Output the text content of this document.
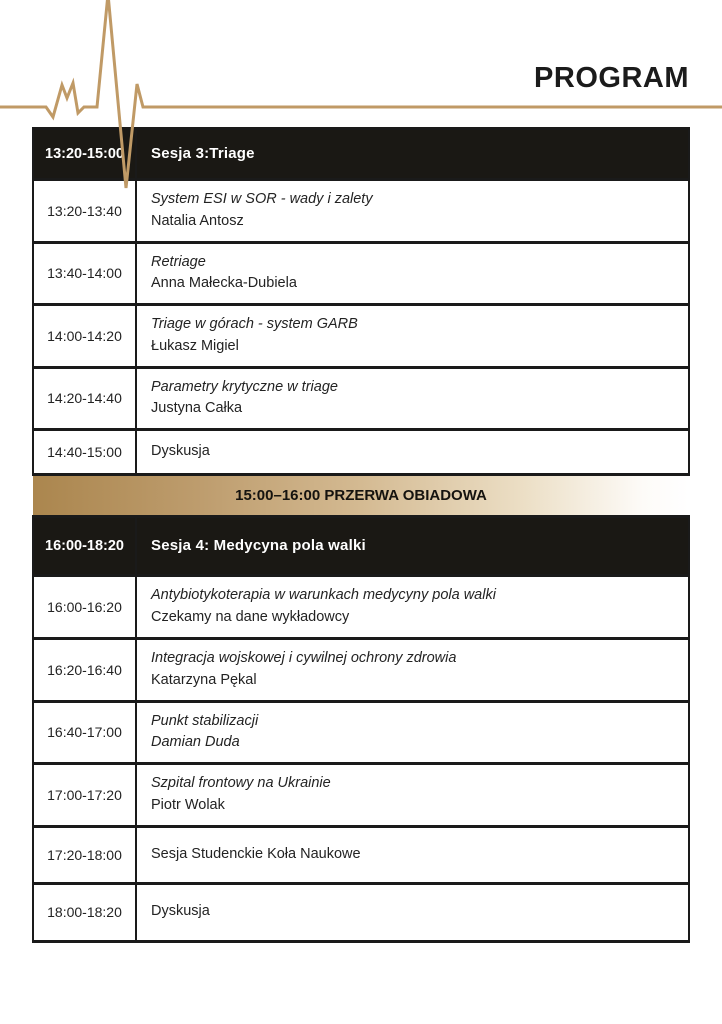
PROGRAM
13:20-15:00	Sesja 3:Triage
13:20-13:40	System ESI w SOR - wady i zalety
Natalia Antosz

13:40-14:00	Retriage
Anna Małecka-Dubiela

14:00-14:20	Triage w górach - system GARB
Łukasz Migiel

14:20-14:40	Parametry krytyczne w triage
Justyna Całka

14:40-15:00	Dyskusja
15:00–16:00 PRZERWA OBIADOWA	
16:00-18:20	Sesja 4: Medycyna pola walki
16:00-16:20	Antybiotykoterapia w warunkach medycyny pola walki
Czekamy na dane wykładowcy

16:20-16:40	Integracja wojskowej i cywilnej ochrony zdrowia
Katarzyna Pękal

16:40-17:00	Punkt stabilizacji
Damian Duda

17:00-17:20	Szpital frontowy na Ukrainie
Piotr Wolak

17:20-18:00	Sesja Studenckie Koła Naukowe
18:00-18:20	Dyskusja
